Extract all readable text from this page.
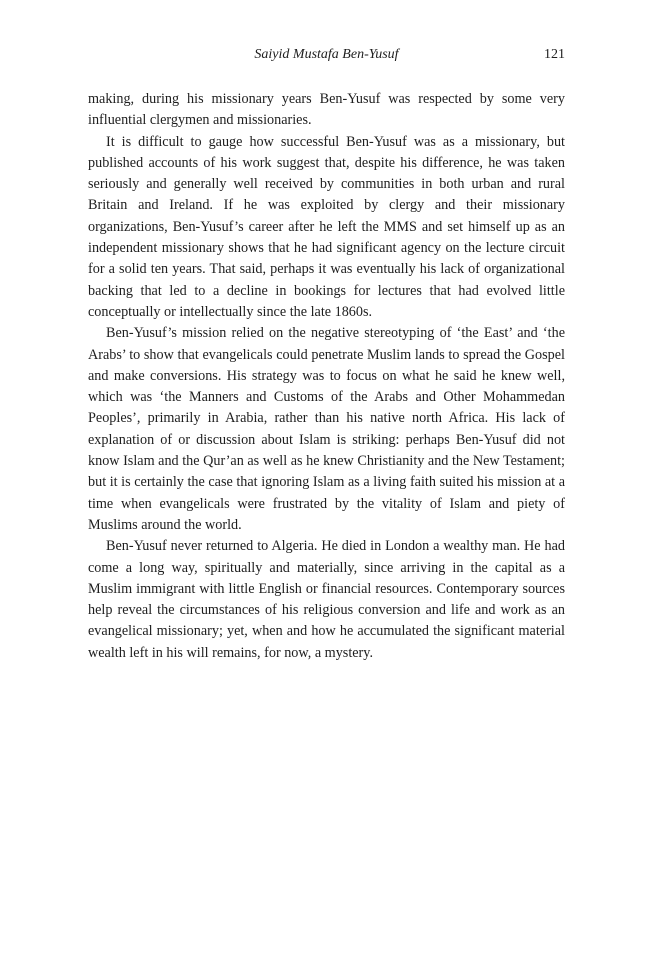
Saiyid Mustafa Ben-Yusuf	121

making, during his missionary years Ben-Yusuf was respected by some very influential clergymen and missionaries.

It is difficult to gauge how successful Ben-Yusuf was as a missionary, but published accounts of his work suggest that, despite his difference, he was taken seriously and generally well received by communities in both urban and rural Britain and Ireland. If he was exploited by clergy and their missionary organizations, Ben-Yusuf’s career after he left the MMS and set himself up as an independent missionary shows that he had significant agency on the lecture circuit for a solid ten years. That said, perhaps it was eventually his lack of organizational backing that led to a decline in bookings for lectures that had evolved little conceptually or intellectually since the late 1860s.

Ben-Yusuf’s mission relied on the negative stereotyping of ‘the East’ and ‘the Arabs’ to show that evangelicals could penetrate Muslim lands to spread the Gospel and make conversions. His strategy was to focus on what he said he knew well, which was ‘the Manners and Customs of the Arabs and Other Mohammedan Peoples’, primarily in Arabia, rather than his native north Africa. His lack of explanation of or discussion about Islam is striking: perhaps Ben-Yusuf did not know Islam and the Qur’an as well as he knew Christianity and the New Testament; but it is certainly the case that ignoring Islam as a living faith suited his mission at a time when evangelicals were frustrated by the vitality of Islam and piety of Muslims around the world.

Ben-Yusuf never returned to Algeria. He died in London a wealthy man. He had come a long way, spiritually and materially, since arriving in the capital as a Muslim immigrant with little English or financial resources. Contemporary sources help reveal the circumstances of his religious conversion and life and work as an evangelical missionary; yet, when and how he accumulated the significant material wealth left in his will remains, for now, a mystery.
